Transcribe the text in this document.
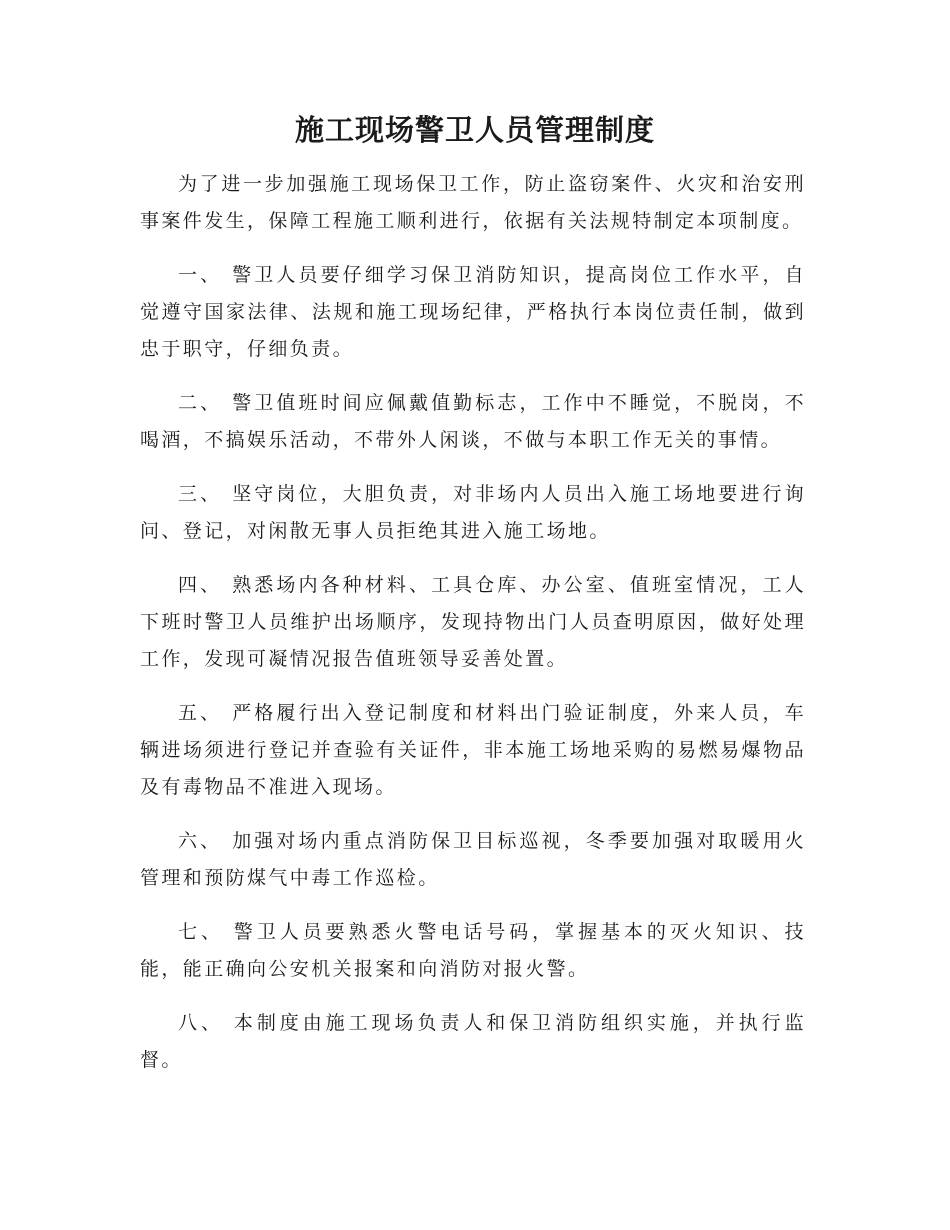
施工现场警卫人员管理制度

为了进一步加强施工现场保卫工作，防止盗窃案件、火灾和治安刑事案件发生，保障工程施工顺利进行，依据有关法规特制定本项制度。

一、 警卫人员要仔细学习保卫消防知识，提高岗位工作水平，自觉遵守国家法律、法规和施工现场纪律，严格执行本岗位责任制，做到忠于职守，仔细负责。

二、 警卫值班时间应佩戴值勤标志，工作中不睡觉，不脱岗，不喝酒，不搞娱乐活动，不带外人闲谈，不做与本职工作无关的事情。

三、 坚守岗位，大胆负责，对非场内人员出入施工场地要进行询问、登记，对闲散无事人员拒绝其进入施工场地。

四、 熟悉场内各种材料、工具仓库、办公室、值班室情况，工人下班时警卫人员维护出场顺序，发现持物出门人员查明原因，做好处理工作，发现可凝情况报告值班领导妥善处置。

五、 严格履行出入登记制度和材料出门验证制度，外来人员，车辆进场须进行登记并查验有关证件，非本施工场地采购的易燃易爆物品及有毒物品不准进入现场。

六、 加强对场内重点消防保卫目标巡视，冬季要加强对取暖用火管理和预防煤气中毒工作巡检。

七、 警卫人员要熟悉火警电话号码，掌握基本的灭火知识、技能，能正确向公安机关报案和向消防对报火警。

八、 本制度由施工现场负责人和保卫消防组织实施，并执行监督。
